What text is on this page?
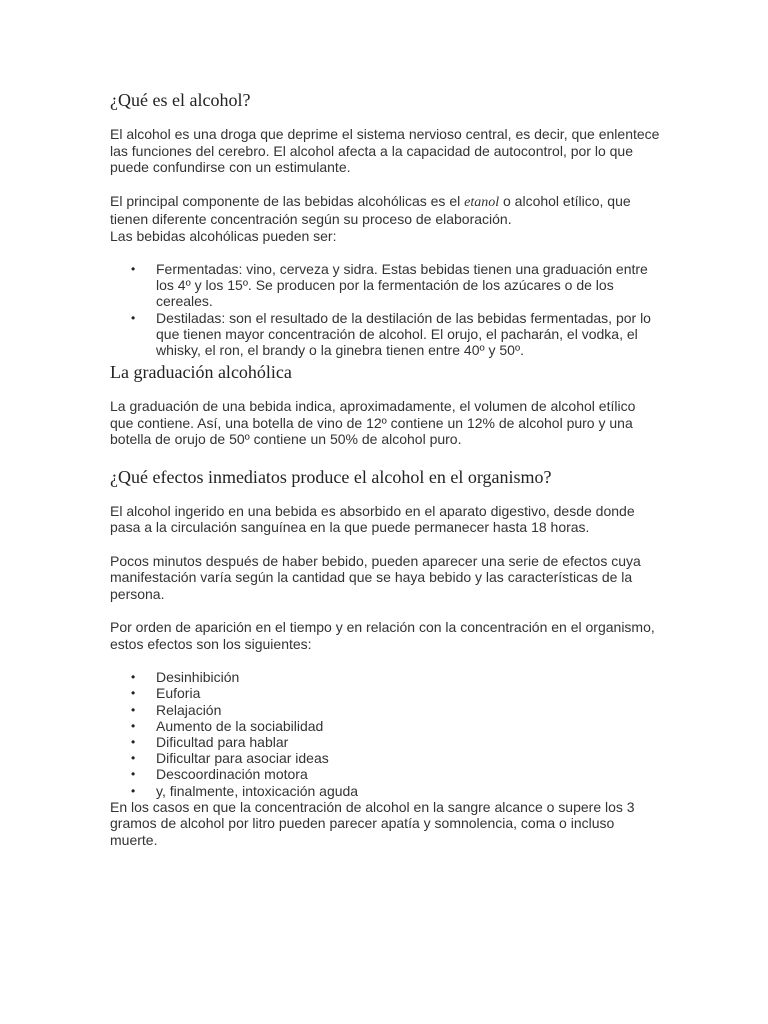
¿Qué es el alcohol?

El alcohol es una droga que deprime el sistema nervioso central, es decir, que enlentece las funciones del cerebro. El alcohol afecta a la capacidad de autocontrol, por lo que puede confundirse con un estimulante.

El principal componente de las bebidas alcohólicas es el etanol o alcohol etílico, que tienen diferente concentración según su proceso de elaboración.

Las bebidas alcohólicas pueden ser:

• Fermentadas: vino, cerveza y sidra. Estas bebidas tienen una graduación entre los 4º y los 15º. Se producen por la fermentación de los azúcares o de los cereales.
• Destiladas: son el resultado de la destilación de las bebidas fermentadas, por lo que tienen mayor concentración de alcohol. El orujo, el pacharán, el vodka, el whisky, el ron, el brandy o la ginebra tienen entre 40º y 50º.
La graduación alcohólica

La graduación de una bebida indica, aproximadamente, el volumen de alcohol etílico que contiene. Así, una botella de vino de 12º contiene un 12% de alcohol puro y una botella de orujo de 50º contiene un 50% de alcohol puro.

¿Qué efectos inmediatos produce el alcohol en el organismo?

El alcohol ingerido en una bebida es absorbido en el aparato digestivo, desde donde pasa a la circulación sanguínea en la que puede permanecer hasta 18 horas.

Pocos minutos después de haber bebido, pueden aparecer una serie de efectos cuya manifestación varía según la cantidad que se haya bebido y las características de la persona.

Por orden de aparición en el tiempo y en relación con la concentración en el organismo, estos efectos son los siguientes:

• Desinhibición
• Euforia
• Relajación
• Aumento de la sociabilidad
• Dificultad para hablar
• Dificultar para asociar ideas
• Descoordinación motora
• y, finalmente, intoxicación aguda

En los casos en que la concentración de alcohol en la sangre alcance o supere los 3 gramos de alcohol por litro pueden parecer apatía y somnolencia, coma o incluso muerte.
